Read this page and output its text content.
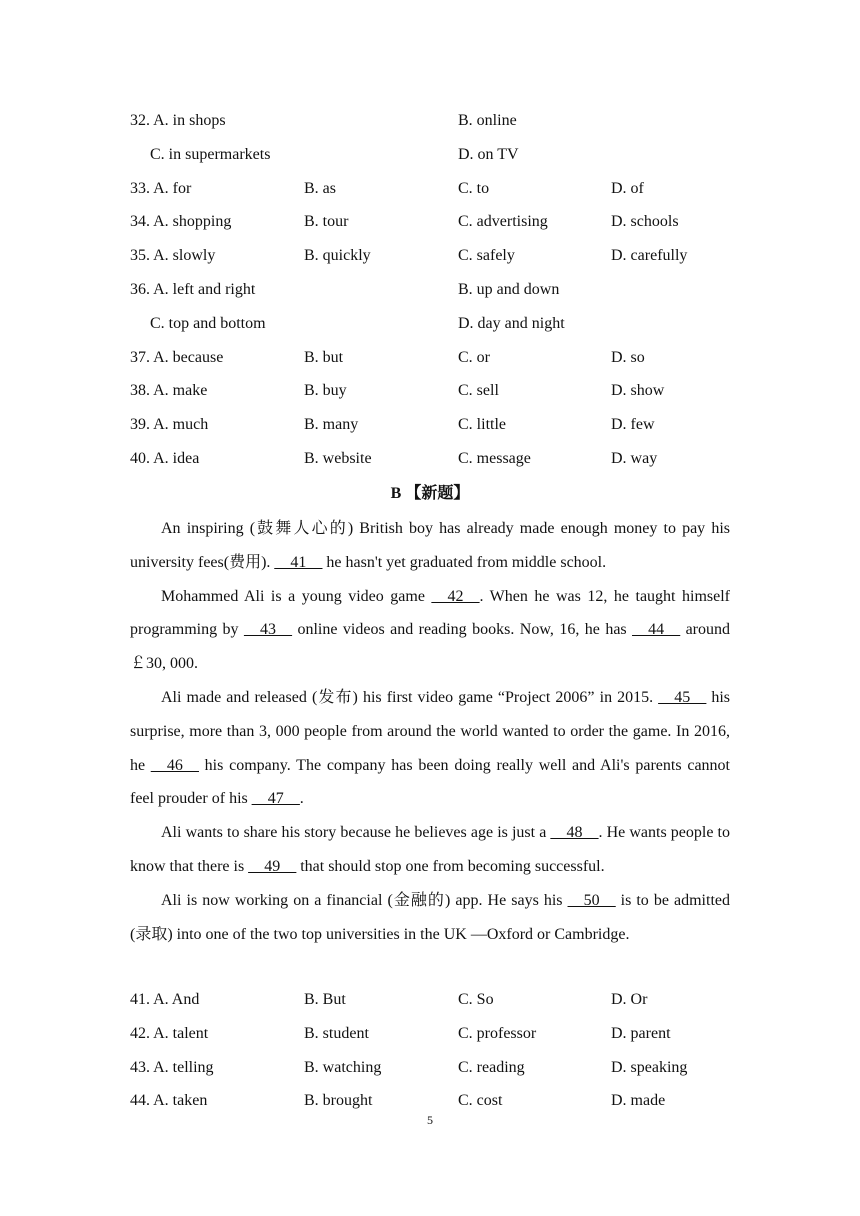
32. A. in shops	B. online
C. in supermarkets	D. on TV
33. A. for	B. as	C. to	D. of
34. A. shopping	B. tour	C. advertising	D. schools
35. A. slowly	B. quickly	C. safely	D. carefully
36. A. left and right	B. up and down
C. top and bottom	D. day and night
37. A. because	B. but	C. or	D. so
38. A. make	B. buy	C. sell	D. show
39. A. much	B. many	C. little	D. few
40. A. idea	B. website	C. message	D. way
B 【新题】

An inspiring (鼓舞人心的) British boy has already made enough money to pay his university fees(费用). __41__ he hasn't yet graduated from middle school.

Mohammed Ali is a young video game __42__. When he was 12, he taught himself programming by __43__ online videos and reading books. Now, 16, he has __44__ around ￡30, 000.

Ali made and released (发布) his first video game “Project 2006” in 2015. __45__ his surprise, more than 3, 000 people from around the world wanted to order the game. In 2016, he __46__ his company. The company has been doing really well and Ali's parents cannot feel prouder of his __47__.

Ali wants to share his story because he believes age is just a __48__. He wants people to know that there is __49__ that should stop one from becoming successful.

Ali is now working on a financial (金融的) app. He says his __50__ is to be admitted (录取) into one of the two top universities in the UK —Oxford or Cambridge.

41. A. And	B. But	C. So	D. Or
42. A. talent	B. student	C. professor	D. parent
43. A. telling	B. watching	C. reading	D. speaking
44. A. taken	B. brought	C. cost	D. made
5
